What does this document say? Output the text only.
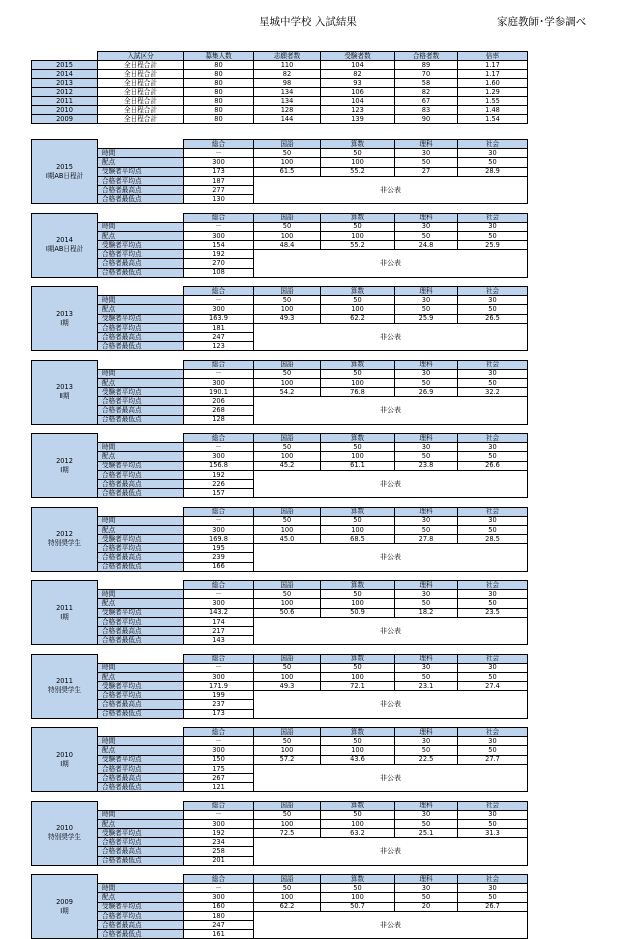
星城中学校 入試結果	家庭教師･学参調べ
	入試区分	募集人数	志願者数	受験者数	合格者数	倍率
2015	全日程合計	80	110	104	89	1.17
2014	全日程合計	80	82	82	70	1.17
2013	全日程合計	80	98	93	58	1.60
2012	全日程合計	80	134	106	82	1.29
2011	全日程合計	80	134	104	67	1.55
2010	全日程合計	80	128	123	83	1.48
2009	全日程合計	80	144	139	90	1.54
2015
Ⅰ期AB日程計		総合	国語	算数	理科	社会
	時間	－	50	50	30	30
	配点	300	100	100	50	50
	受験者平均点	173	61.5	55.2	27	28.9
	合格者平均点	187	非公表			
	合格者最高点	277				
	合格者最低点	130				

2014
Ⅰ期AB日程計		総合	国語	算数	理科	社会
	時間	－	50	50	30	30
	配点	300	100	100	50	50
	受験者平均点	154	48.4	55.2	24.8	25.9
	合格者平均点	192	非公表			
	合格者最高点	270				
	合格者最低点	108				

2013
Ⅰ期		総合	国語	算数	理科	社会
	時間	－	50	50	30	30
	配点	300	100	100	50	50
	受験者平均点	163.9	49.3	62.2	25.9	26.5
	合格者平均点	181	非公表			
	合格者最高点	247				
	合格者最低点	123				

2013
Ⅱ期		総合	国語	算数	理科	社会
	時間	－	50	50	30	30
	配点	300	100	100	50	50
	受験者平均点	190.1	54.2	76.8	26.9	32.2
	合格者平均点	206	非公表			
	合格者最高点	268				
	合格者最低点	128				

2012
Ⅰ期		総合	国語	算数	理科	社会
	時間	－	50	50	30	30
	配点	300	100	100	50	50
	受験者平均点	156.8	45.2	61.1	23.8	26.6
	合格者平均点	192	非公表			
	合格者最高点	226				
	合格者最低点	157				

2012
特別奨学生		総合	国語	算数	理科	社会
	時間	－	50	50	30	30
	配点	300	100	100	50	50
	受験者平均点	169.8	45.0	68.5	27.8	28.5
	合格者平均点	195	非公表			
	合格者最高点	239				
	合格者最低点	166				

2011
Ⅰ期		総合	国語	算数	理科	社会
	時間	－	50	50	30	30
	配点	300	100	100	50	50
	受験者平均点	143.2	50.6	50.9	18.2	23.5
	合格者平均点	174	非公表			
	合格者最高点	217				
	合格者最低点	143				

2011
特別奨学生		総合	国語	算数	理科	社会
	時間	－	50	50	30	30
	配点	300	100	100	50	50
	受験者平均点	171.9	49.3	72.1	23.1	27.4
	合格者平均点	199	非公表			
	合格者最高点	237				
	合格者最低点	173				

2010
Ⅰ期		総合	国語	算数	理科	社会
	時間	－	50	50	30	30
	配点	300	100	100	50	50
	受験者平均点	150	57.2	43.6	22.5	27.7
	合格者平均点	175	非公表			
	合格者最高点	267				
	合格者最低点	121				

2010
特別奨学生		総合	国語	算数	理科	社会
	時間	－	50	50	30	30
	配点	300	100	100	50	50
	受験者平均点	192	72.5	63.2	25.1	31.3
	合格者平均点	234	非公表			
	合格者最高点	258				
	合格者最低点	201				

2009
Ⅰ期		総合	国語	算数	理科	社会
	時間	－	50	50	30	30
	配点	300	100	100	50	50
	受験者平均点	160	62.2	50.7	20	26.7
	合格者平均点	180	非公表			
	合格者最高点	247				
	合格者最低点	161				
